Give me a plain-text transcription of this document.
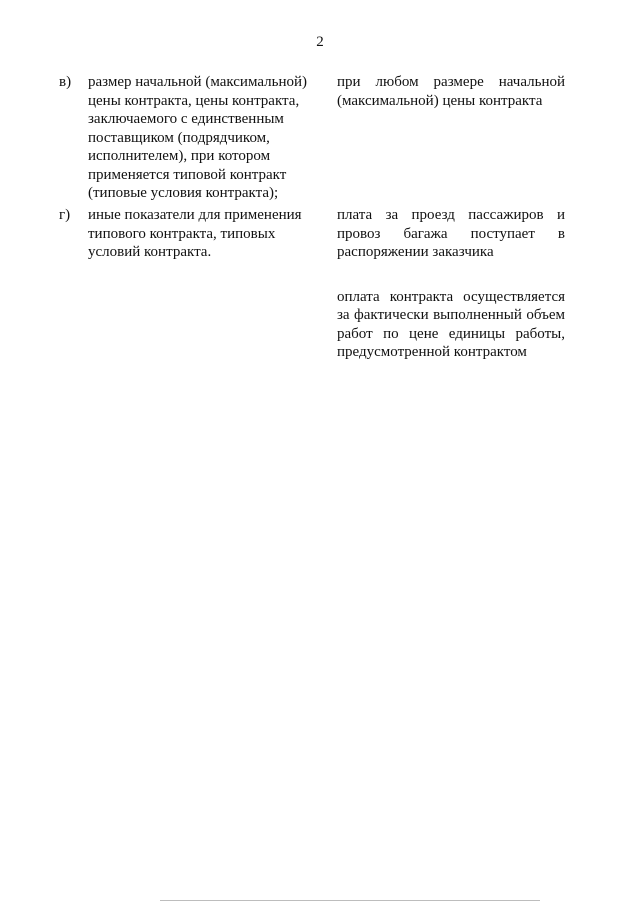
2
в) размер начальной (максимальной)
цены контракта, цены контракта,
заключаемого с единственным
поставщиком (подрядчиком,
исполнителем), при котором
применяется типовой контракт
(типовые условия контракта);
при любом размере начальной (максимальной) цены контракта
г) иные показатели для применения
типового контракта, типовых
условий контракта.
плата за проезд пассажиров и провоз багажа поступает в распоряжении заказчика
оплата контракта осуществляется за фактически выполненный объем работ по цене единицы работы, предусмотренной контрактом
